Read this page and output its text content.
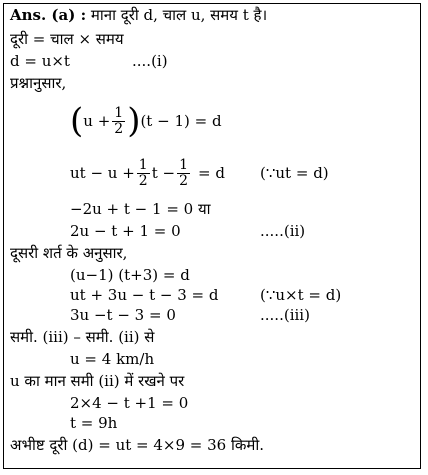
Ans. (a) : माना दूरी d, चाल u, समय t है।
दूरी = चाल × समय
d = u×t	....(i)
प्रश्नानुसार,
( $u + \frac{1}{2}$ ) (t − 1) = d
ut − $u + \frac{1}{2}$ $t - \frac{1}{2} = d$ (∵ut = d)
−2u + t − 1 = 0 या
2u − t + 1 = 0	.....(ii)
दूसरी शर्त के अनुसार,
(u−1) (t+3) = d
ut + 3u − t − 3 = d	(∵u×t = d)
3u −t − 3 = 0	.....(iii)
समी. (iii) – समी. (ii) से
u = 4 km/h
u का मान समी (ii) में रखने पर
2×4 − t +1 = 0
t = 9h
अभीष्ट दूरी (d) = ut = 4×9 = 36 किमी.
